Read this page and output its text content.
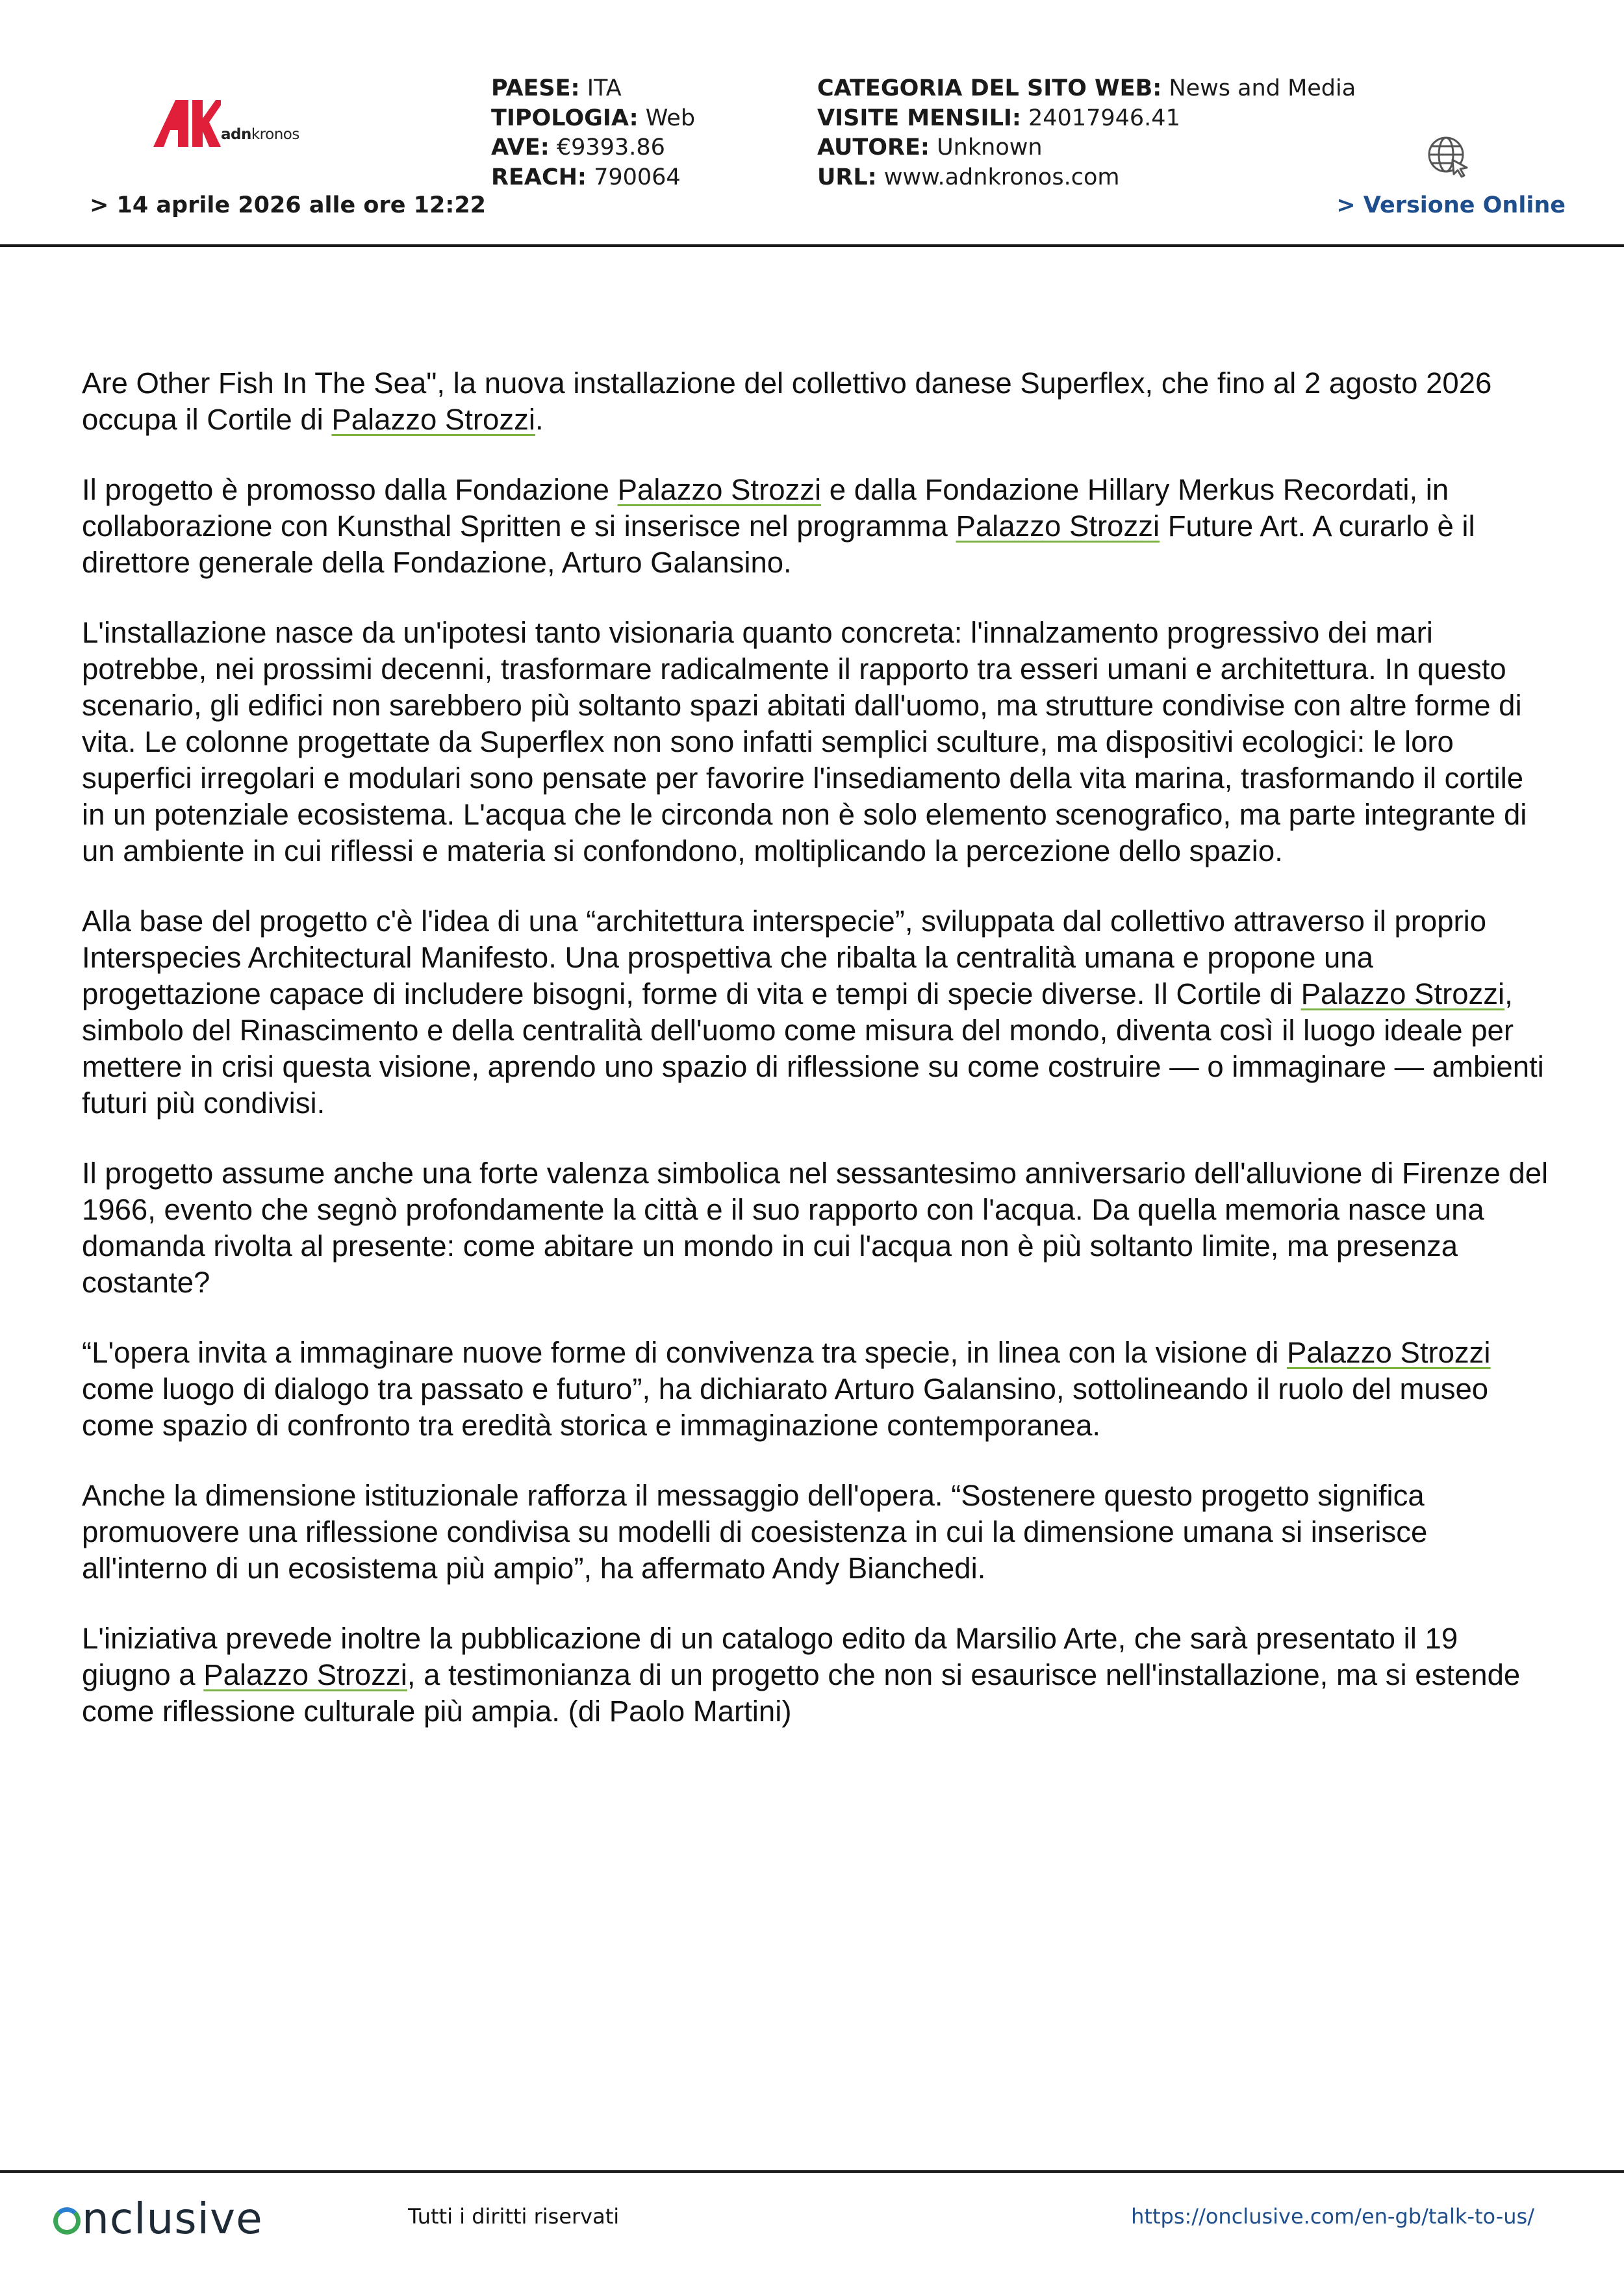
adnkronos
> 14 aprile 2026 alle ore 12:22
PAESE: ITA
TIPOLOGIA: Web
AVE: €9393.86
REACH: 790064
CATEGORIA DEL SITO WEB: News and Media
VISITE MENSILI: 24017946.41
AUTORE: Unknown
URL: www.adnkronos.com
> Versione Online

Are Other Fish In The Sea", la nuova installazione del collettivo danese Superflex, che fino al 2 agosto 2026 occupa il Cortile di Palazzo Strozzi.

Il progetto è promosso dalla Fondazione Palazzo Strozzi e dalla Fondazione Hillary Merkus Recordati, in collaborazione con Kunsthal Spritten e si inserisce nel programma Palazzo Strozzi Future Art. A curarlo è il direttore generale della Fondazione, Arturo Galansino.

L'installazione nasce da un'ipotesi tanto visionaria quanto concreta: l'innalzamento progressivo dei mari potrebbe, nei prossimi decenni, trasformare radicalmente il rapporto tra esseri umani e architettura. In questo scenario, gli edifici non sarebbero più soltanto spazi abitati dall'uomo, ma strutture condivise con altre forme di vita. Le colonne progettate da Superflex non sono infatti semplici sculture, ma dispositivi ecologici: le loro superfici irregolari e modulari sono pensate per favorire l'insediamento della vita marina, trasformando il cortile in un potenziale ecosistema. L'acqua che le circonda non è solo elemento scenografico, ma parte integrante di un ambiente in cui riflessi e materia si confondono, moltiplicando la percezione dello spazio.

Alla base del progetto c'è l'idea di una “architettura interspecie”, sviluppata dal collettivo attraverso il proprio Interspecies Architectural Manifesto. Una prospettiva che ribalta la centralità umana e propone una progettazione capace di includere bisogni, forme di vita e tempi di specie diverse. Il Cortile di Palazzo Strozzi, simbolo del Rinascimento e della centralità dell'uomo come misura del mondo, diventa così il luogo ideale per mettere in crisi questa visione, aprendo uno spazio di riflessione su come costruire — o immaginare — ambienti futuri più condivisi.

Il progetto assume anche una forte valenza simbolica nel sessantesimo anniversario dell'alluvione di Firenze del 1966, evento che segnò profondamente la città e il suo rapporto con l'acqua. Da quella memoria nasce una domanda rivolta al presente: come abitare un mondo in cui l'acqua non è più soltanto limite, ma presenza costante?

“L'opera invita a immaginare nuove forme di convivenza tra specie, in linea con la visione di Palazzo Strozzi come luogo di dialogo tra passato e futuro”, ha dichiarato Arturo Galansino, sottolineando il ruolo del museo come spazio di confronto tra eredità storica e immaginazione contemporanea.

Anche la dimensione istituzionale rafforza il messaggio dell'opera. “Sostenere questo progetto significa promuovere una riflessione condivisa su modelli di coesistenza in cui la dimensione umana si inserisce all'interno di un ecosistema più ampio”, ha affermato Andy Bianchedi.

L'iniziativa prevede inoltre la pubblicazione di un catalogo edito da Marsilio Arte, che sarà presentato il 19 giugno a Palazzo Strozzi, a testimonianza di un progetto che non si esaurisce nell'installazione, ma si estende come riflessione culturale più ampia. (di Paolo Martini)

nclusive	Tutti i diritti riservati	https://onclusive.com/en-gb/talk-to-us/
